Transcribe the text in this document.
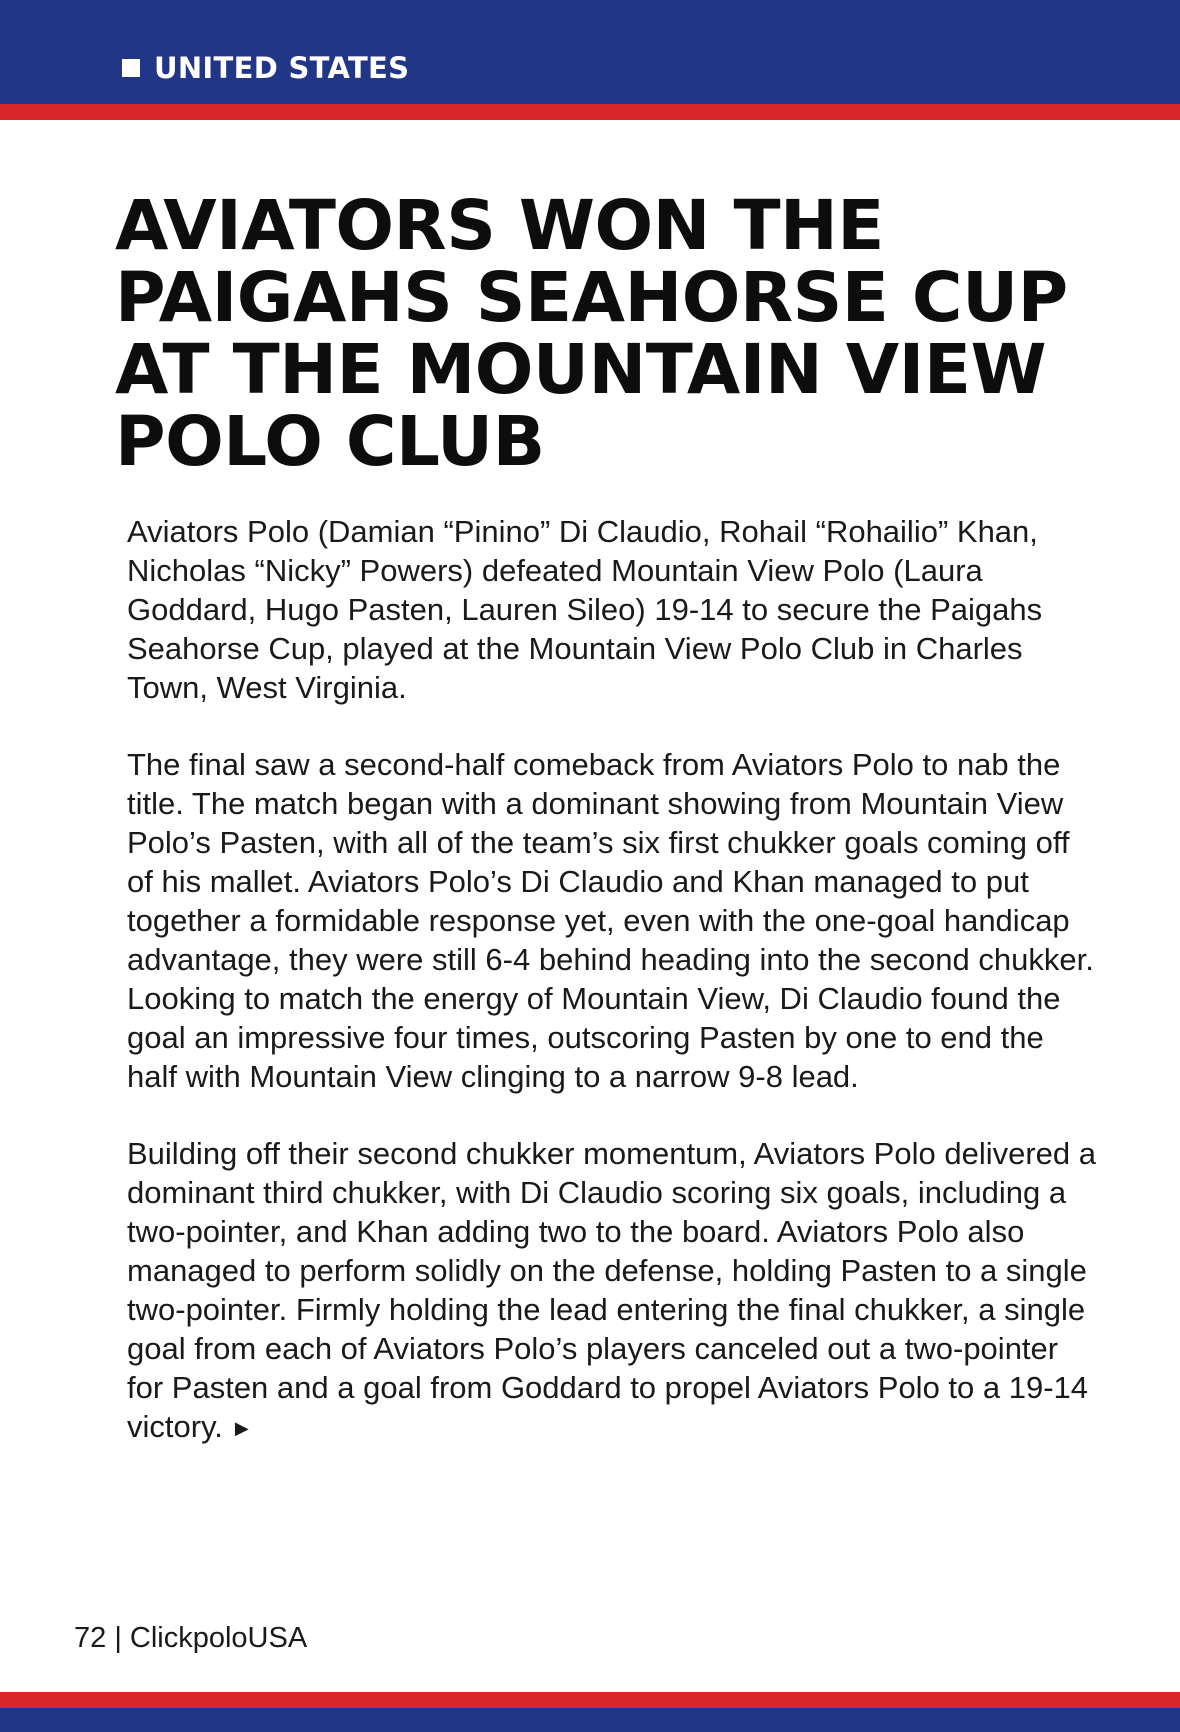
UNITED STATES
AVIATORS WON THE PAIGAHS SEAHORSE CUP AT THE MOUNTAIN VIEW POLO CLUB

Aviators Polo (Damian “Pinino” Di Claudio, Rohail “Rohailio” Khan, Nicholas “Nicky” Powers) defeated Mountain View Polo (Laura Goddard, Hugo Pasten, Lauren Sileo) 19-14 to secure the Paigahs Seahorse Cup, played at the Mountain View Polo Club in Charles Town, West Virginia.

The final saw a second-half comeback from Aviators Polo to nab the title. The match began with a dominant showing from Mountain View Polo’s Pasten, with all of the team’s six first chukker goals coming off of his mallet. Aviators Polo’s Di Claudio and Khan managed to put together a formidable response yet, even with the one-goal handicap advantage, they were still 6-4 behind heading into the second chukker. Looking to match the energy of Mountain View, Di Claudio found the goal an impressive four times, outscoring Pasten by one to end the half with Mountain View clinging to a narrow 9-8 lead.

Building off their second chukker momentum, Aviators Polo delivered a dominant third chukker, with Di Claudio scoring six goals, including a two-pointer, and Khan adding two to the board. Aviators Polo also managed to perform solidly on the defense, holding Pasten to a single two-pointer. Firmly holding the lead entering the final chukker, a single goal from each of Aviators Polo’s players canceled out a two-pointer for Pasten and a goal from Goddard to propel Aviators Polo to a 19-14 victory. ▶

72 | ClickpoloUSA
